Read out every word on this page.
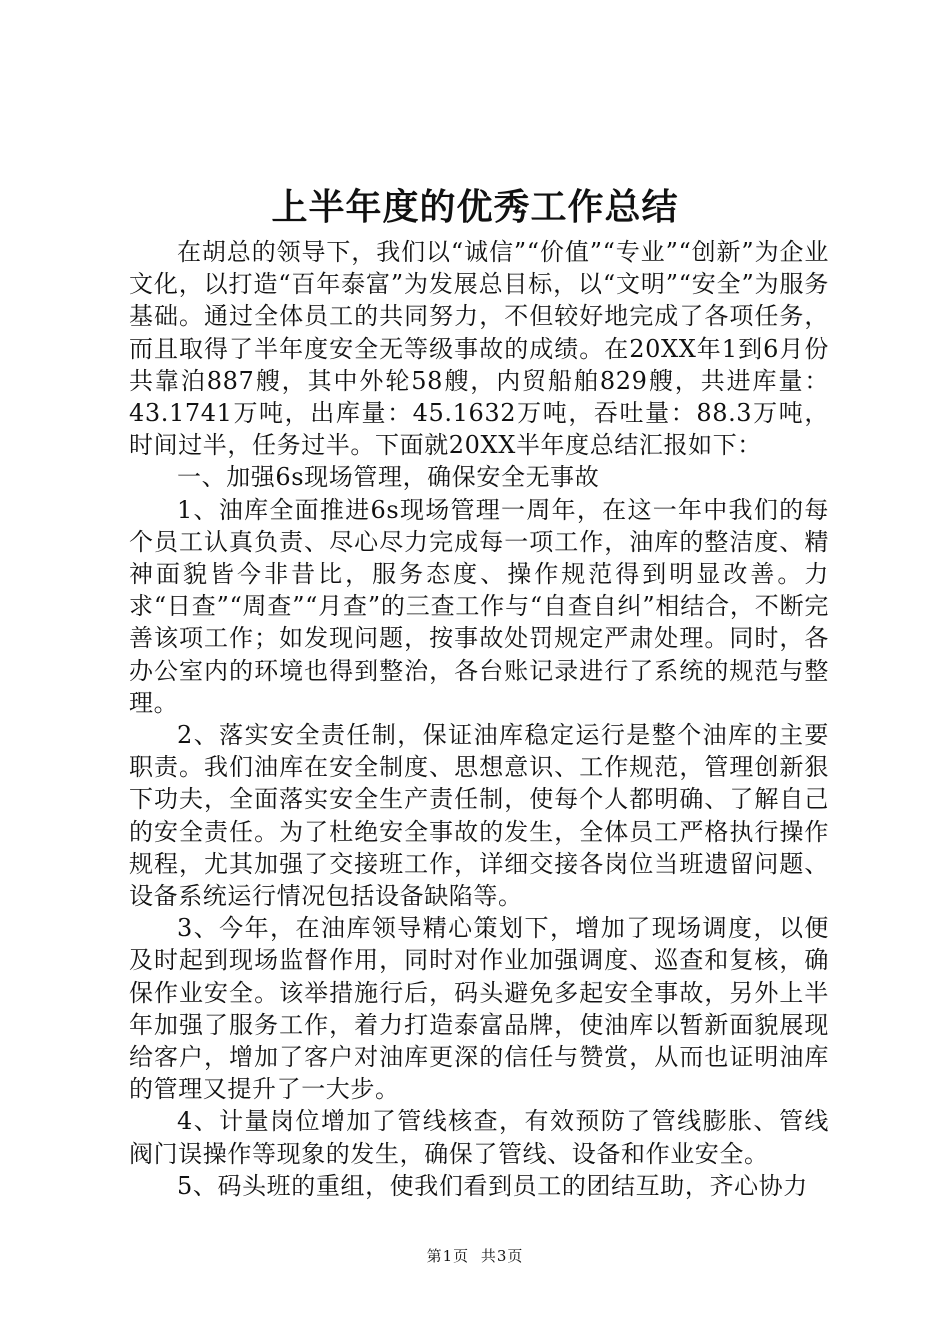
上半年度的优秀工作总结

在胡总的领导下，我们以“诚信”“价值”“专业”“创新”为企业文化，以打造“百年泰富”为发展总目标，以“文明”“安全”为服务基础。通过全体员工的共同努力，不但较好地完成了各项任务，而且取得了半年度安全无等级事故的成绩。在20XX年1到6月份共靠泊887艘，其中外轮58艘，内贸船舶829艘，共进库量：43.1741万吨，出库量：45.1632万吨，吞吐量：88.3万吨，时间过半，任务过半。下面就20XX半年度总结汇报如下：

一、加强6s现场管理，确保安全无事故

1、油库全面推进6s现场管理一周年，在这一年中我们的每个员工认真负责、尽心尽力完成每一项工作，油库的整洁度、精神面貌皆今非昔比，服务态度、操作规范得到明显改善。力求“日查”“周查”“月查”的三查工作与“自查自纠”相结合，不断完善该项工作；如发现问题，按事故处罚规定严肃处理。同时，各办公室内的环境也得到整治，各台账记录进行了系统的规范与整理。

2、落实安全责任制，保证油库稳定运行是整个油库的主要职责。我们油库在安全制度、思想意识、工作规范，管理创新狠下功夫，全面落实安全生产责任制，使每个人都明确、了解自己的安全责任。为了杜绝安全事故的发生，全体员工严格执行操作规程，尤其加强了交接班工作，详细交接各岗位当班遗留问题、设备系统运行情况包括设备缺陷等。

3、今年，在油库领导精心策划下，增加了现场调度，以便及时起到现场监督作用，同时对作业加强调度、巡查和复核，确保作业安全。该举措施行后，码头避免多起安全事故，另外上半年加强了服务工作，着力打造泰富品牌，使油库以暂新面貌展现给客户，增加了客户对油库更深的信任与赞赏，从而也证明油库的管理又提升了一大步。

4、计量岗位增加了管线核查，有效预防了管线膨胀、管线阀门误操作等现象的发生，确保了管线、设备和作业安全。

5、码头班的重组，使我们看到员工的团结互助，齐心协力

第1页 共3页
